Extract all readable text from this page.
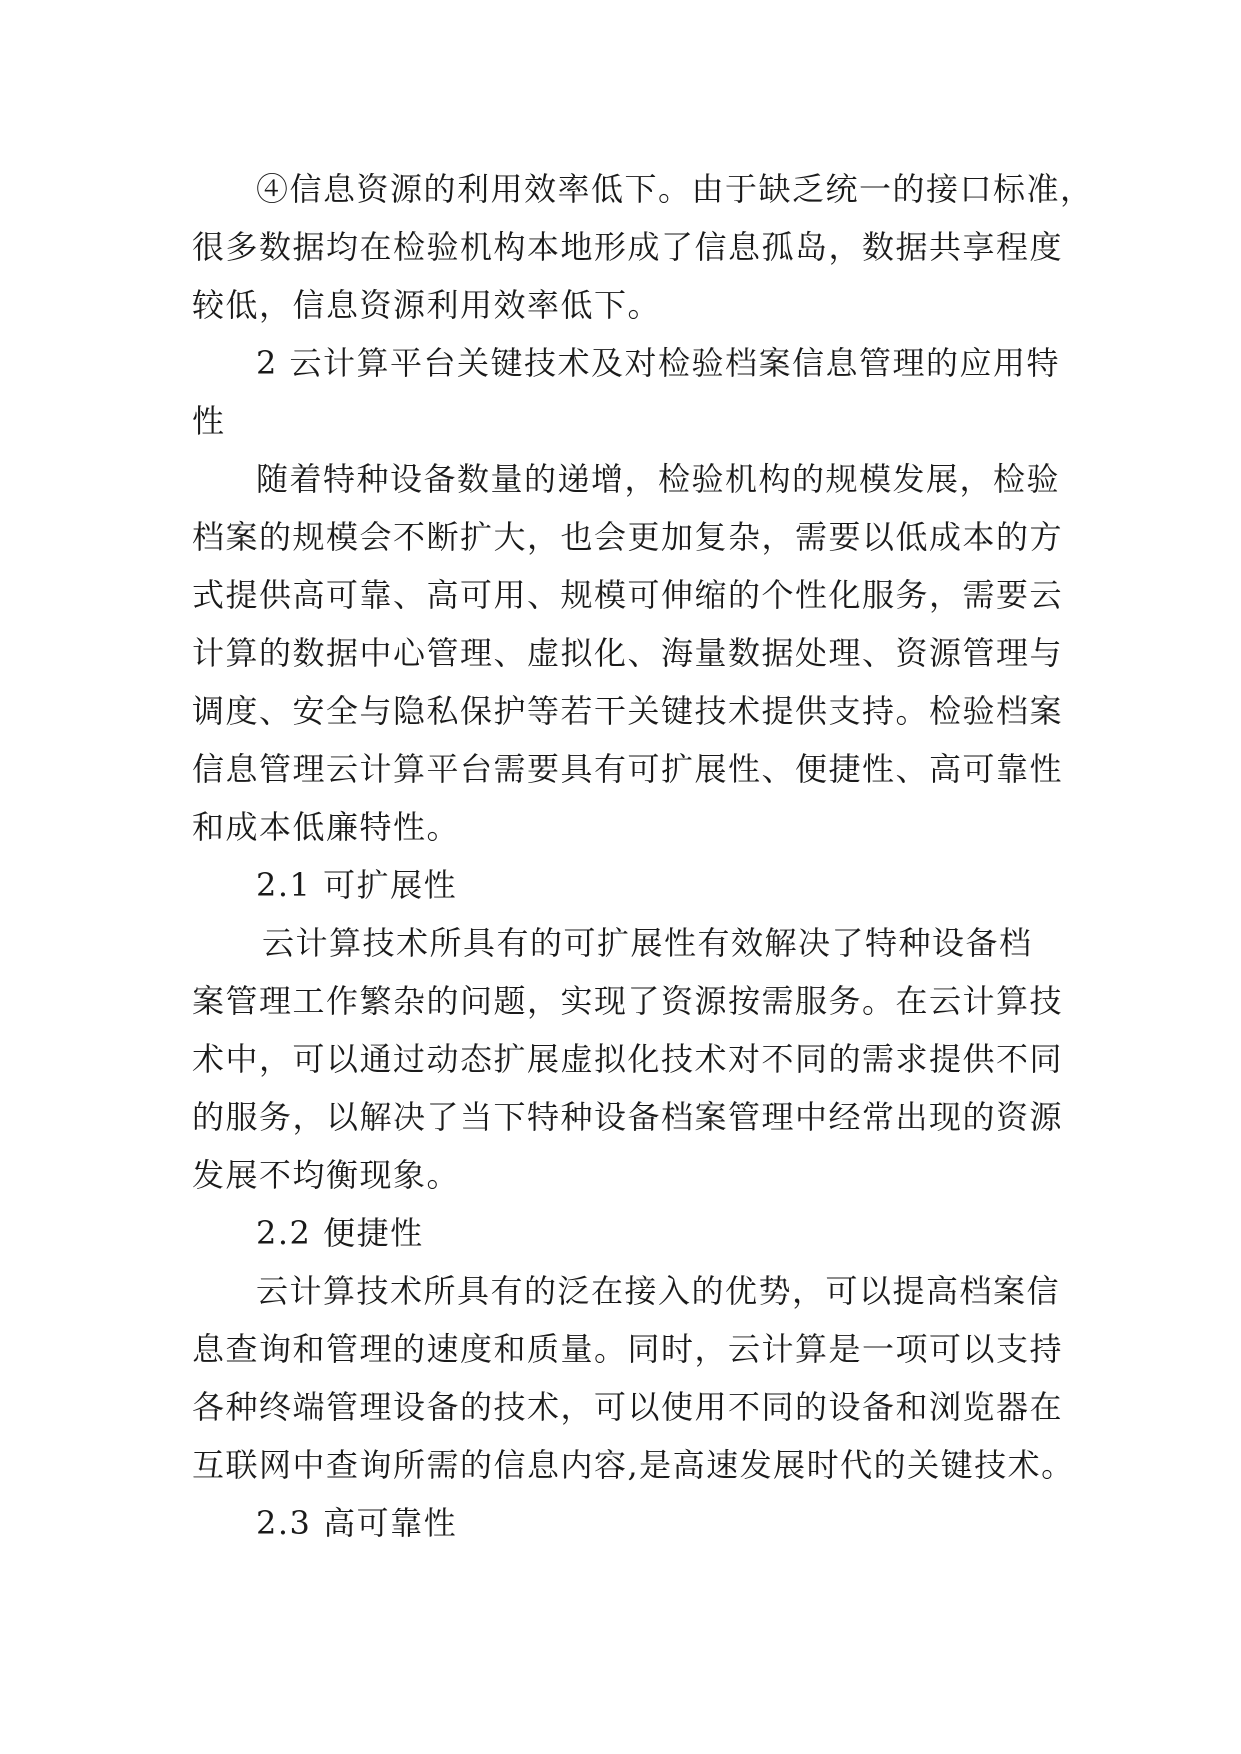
④信息资源的利用效率低下。由于缺乏统一的接口标准，
很多数据均在检验机构本地形成了信息孤岛，数据共享程度
较低，信息资源利用效率低下。
2 云计算平台关键技术及对检验档案信息管理的应用特
性
随着特种设备数量的递增，检验机构的规模发展，检验
档案的规模会不断扩大，也会更加复杂，需要以低成本的方
式提供高可靠、高可用、规模可伸缩的个性化服务，需要云
计算的数据中心管理、虚拟化、海量数据处理、资源管理与
调度、安全与隐私保护等若干关键技术提供支持。检验档案
信息管理云计算平台需要具有可扩展性、便捷性、高可靠性
和成本低廉特性。
2.1 可扩展性
云计算技术所具有的可扩展性有效解决了特种设备档
案管理工作繁杂的问题，实现了资源按需服务。在云计算技
术中，可以通过动态扩展虚拟化技术对不同的需求提供不同
的服务，以解决了当下特种设备档案管理中经常出现的资源
发展不均衡现象。
2.2 便捷性
云计算技术所具有的泛在接入的优势，可以提高档案信
息查询和管理的速度和质量。同时，云计算是一项可以支持
各种终端管理设备的技术，可以使用不同的设备和浏览器在
互联网中查询所需的信息内容,是高速发展时代的关键技术。
2.3 高可靠性
